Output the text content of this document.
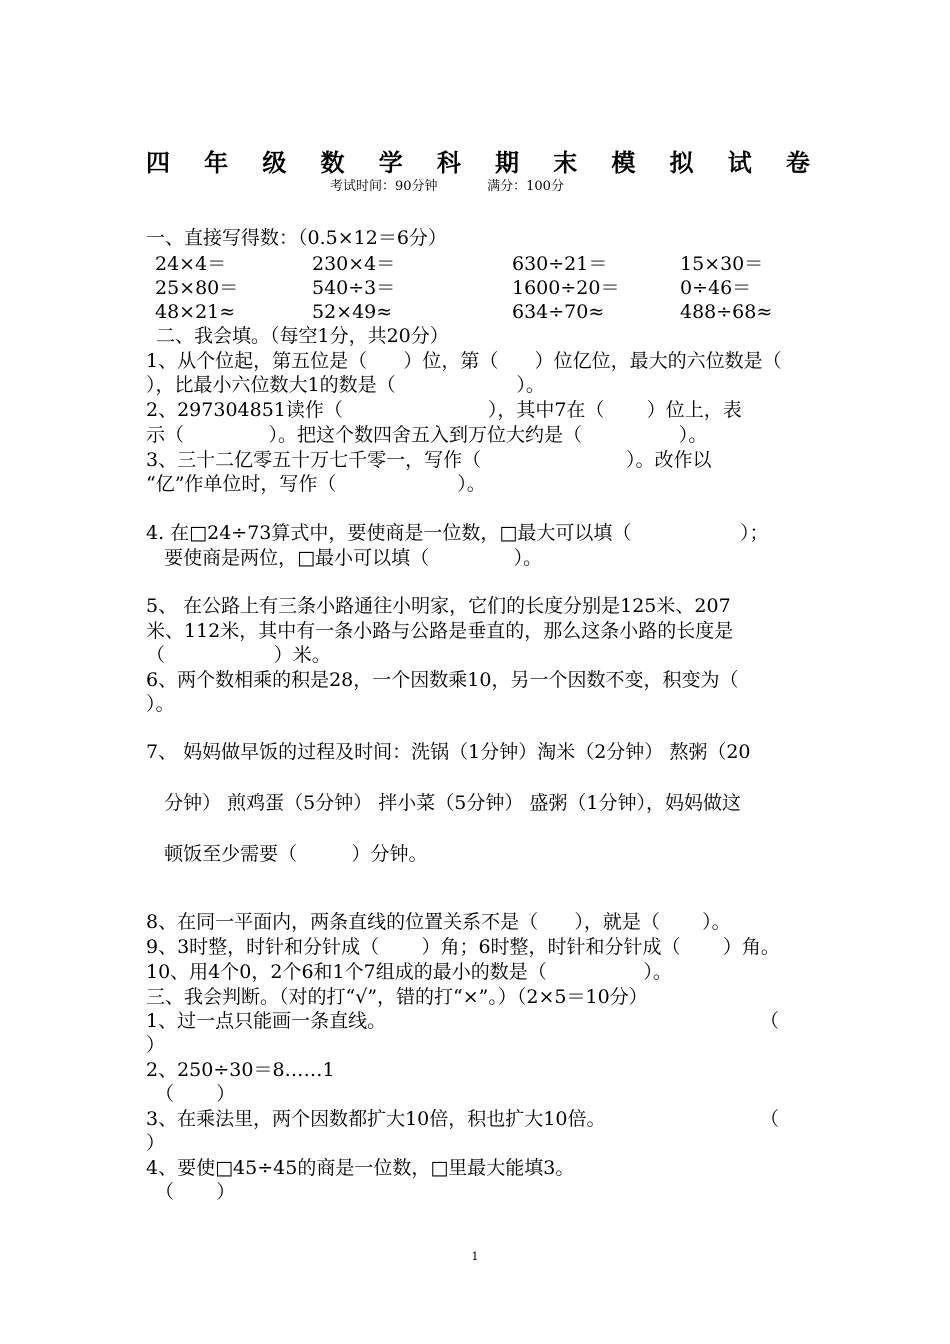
四 年 级 数 学 科 期 末 模 拟 试 卷
考试时间：90分钟            满分：100分
一、直接写得数：（0.5×12＝6分）
24×4＝	230×4＝	630÷21＝	15×30＝
25×80＝	540÷3＝	1600÷20＝	0÷46＝
48×21≈	52×49≈	634÷70≈	488÷68≈
二、我会填。（每空1分，共20分）
1、从个位起，第五位是（      ）位，第（      ）位亿位，最大的六位数是（
），比最小六位数大1的数是（                    ）。
2、297304851读作（                        ），其中7在（       ）位上，表
示（              ）。把这个数四舍五入到万位大约是（                ）。
3、三十二亿零五十万七千零一，写作（                        ）。改作以
“亿”作单位时，写作（                    ）。
4. 在□24÷73算式中，要使商是一位数，□最大可以填（                  ）；
要使商是两位，□最小可以填（              ）。
5、 在公路上有三条小路通往小明家，它们的长度分别是125米、207
米、112米，其中有一条小路与公路是垂直的，那么这条小路的长度是
（                  ）米。
6、两个数相乘的积是28，一个因数乘10，另一个因数不变，积变为（
）。
7、 妈妈做早饭的过程及时间：洗锅（1分钟）淘米（2分钟） 熬粥（20
分钟） 煎鸡蛋（5分钟） 拌小菜（5分钟） 盛粥（1分钟），妈妈做这
顿饭至少需要（         ）分钟。
8、在同一平面内，两条直线的位置关系不是（      ），就是（       ）。
9、3时整，时针和分针成（       ）角；6时整，时针和分针成（       ）角。
10、用4个0，2个6和1个7组成的最小的数是（                ）。
三、我会判断。（对的打“√”，错的打“×”。）（2×5＝10分）
1、过一点只能画一条直线。	（
）
2、250÷30＝8……1
（       ）
3、在乘法里，两个因数都扩大10倍，积也扩大10倍。	（
）
4、要使□45÷45的商是一位数，□里最大能填3。
（       ）
1
